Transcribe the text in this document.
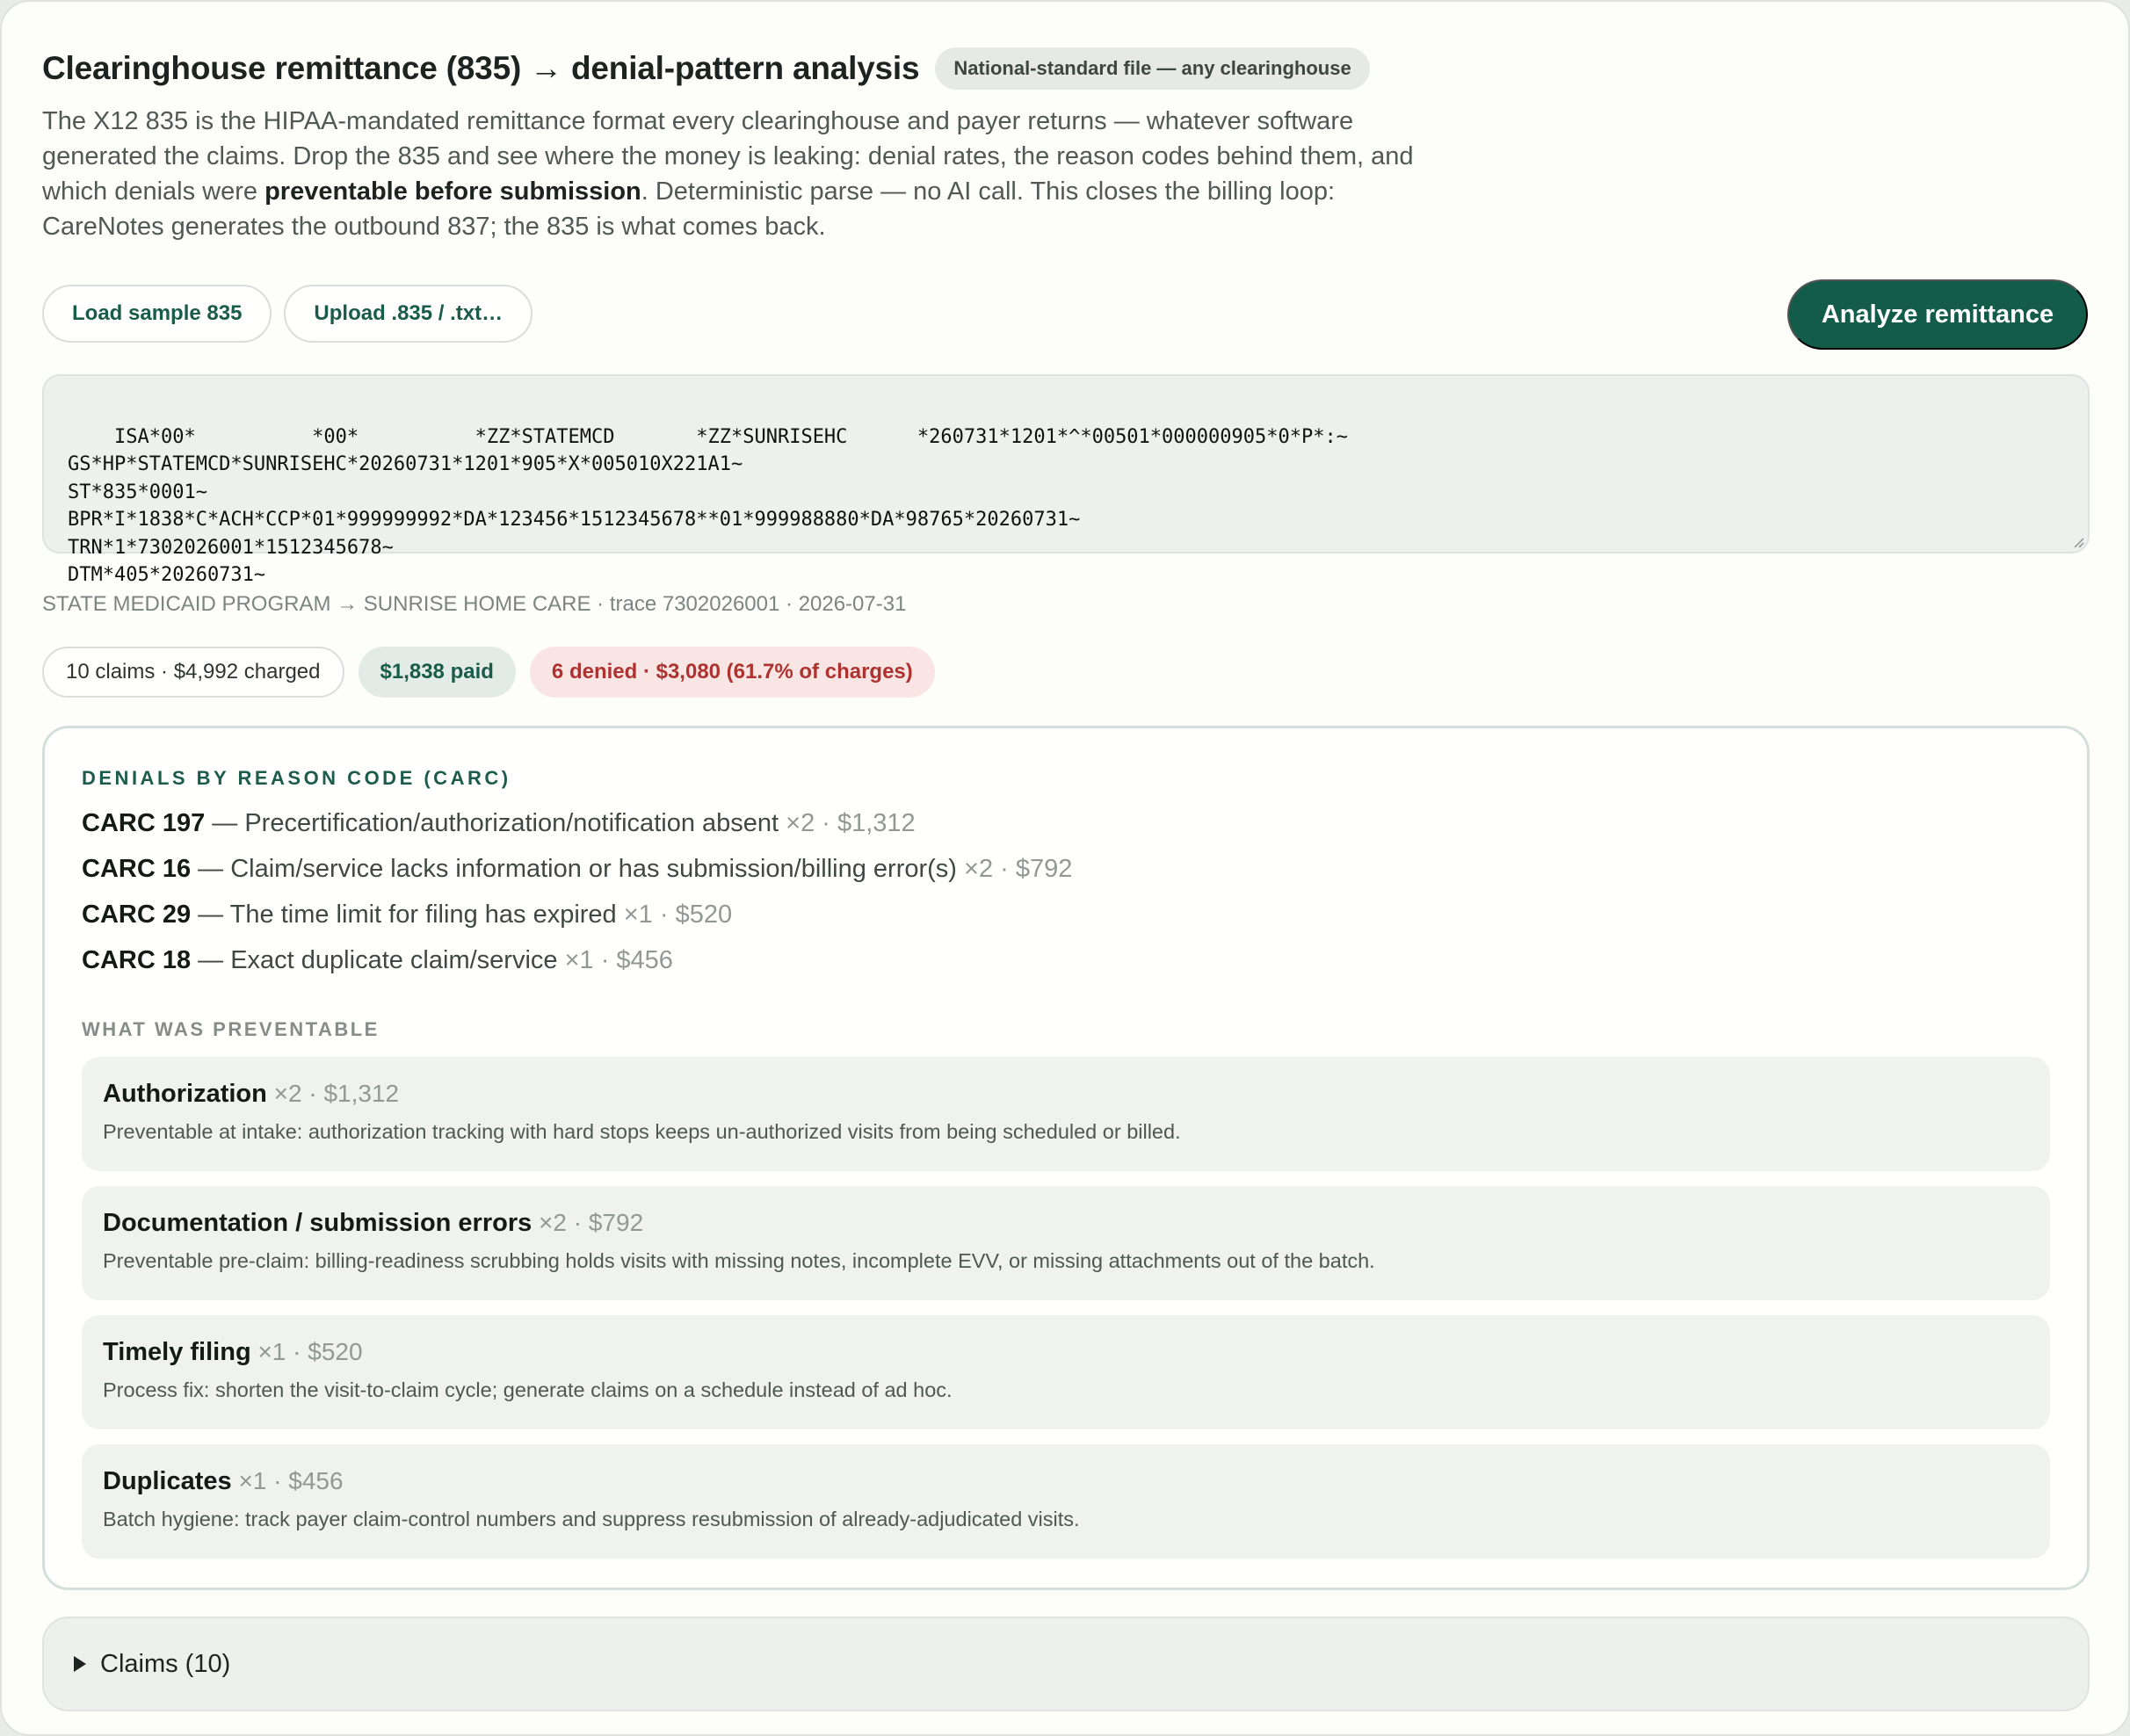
Clearinghouse remittance (835) → denial-pattern analysis	National-standard file — any clearinghouse

The X12 835 is the HIPAA-mandated remittance format every clearinghouse and payer returns — whatever software generated the claims. Drop the 835 and see where the money is leaking: denial rates, the reason codes behind them, and which denials were preventable before submission. Deterministic parse — no AI call. This closes the billing loop: CareNotes generates the outbound 837; the 835 is what comes back.

Load sample 835	Upload .835 / .txt…	Analyze remittance

ISA*00*          *00*          *ZZ*STATEMCD       *ZZ*SUNRISEHC      *260731*1201*^*00501*000000905*0*P*:~
GS*HP*STATEMCD*SUNRISEHC*20260731*1201*905*X*005010X221A1~
ST*835*0001~
BPR*I*1838*C*ACH*CCP*01*999999992*DA*123456*1512345678**01*999988880*DA*98765*20260731~
TRN*1*7302026001*1512345678~
DTM*405*20260731~

STATE MEDICAID PROGRAM → SUNRISE HOME CARE · trace 7302026001 · 2026-07-31
10 claims · $4,992 charged	$1,838 paid	6 denied · $3,080 (61.7% of charges)
DENIALS BY REASON CODE (CARC)
CARC 197 — Precertification/authorization/notification absent ×2 · $1,312
CARC 16 — Claim/service lacks information or has submission/billing error(s) ×2 · $792
CARC 29 — The time limit for filing has expired ×1 · $520
CARC 18 — Exact duplicate claim/service ×1 · $456
WHAT WAS PREVENTABLE
Authorization ×2 · $1,312
Preventable at intake: authorization tracking with hard stops keeps un-authorized visits from being scheduled or billed.
Documentation / submission errors ×2 · $792
Preventable pre-claim: billing-readiness scrubbing holds visits with missing notes, incomplete EVV, or missing attachments out of the batch.
Timely filing ×1 · $520
Process fix: shorten the visit-to-claim cycle; generate claims on a schedule instead of ad hoc.
Duplicates ×1 · $456
Batch hygiene: track payer claim-control numbers and suppress resubmission of already-adjudicated visits.
Claims (10)
